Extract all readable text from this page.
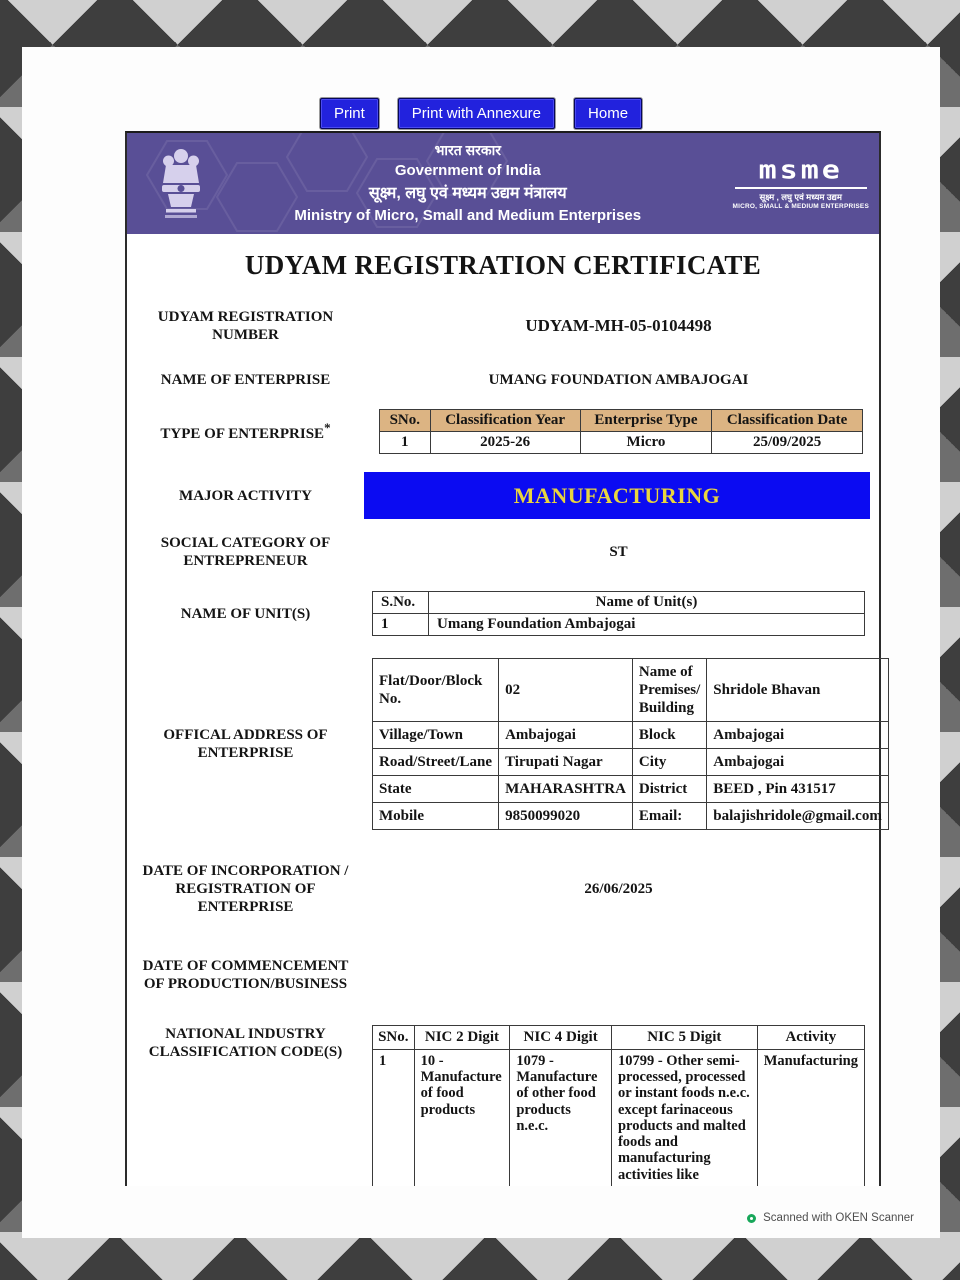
Print	Print with Annexure	Home
भारत सरकार
Government of India
सूक्ष्म, लघु एवं मध्यम उद्यम मंत्रालय
Ministry of Micro, Small and Medium Enterprises
msme
सूक्ष्म , लघु एवं मध्यम उद्यम
MICRO, SMALL & MEDIUM ENTERPRISES
UDYAM REGISTRATION CERTIFICATE
UDYAM REGISTRATION NUMBER	UDYAM-MH-05-0104498
NAME OF ENTERPRISE	UMANG FOUNDATION AMBAJOGAI
TYPE OF ENTERPRISE*	SNo.	Classification Year	Enterprise Type	Classification Date
1	2025-26	Micro	25/09/2025
MAJOR ACTIVITY	MANUFACTURING
SOCIAL CATEGORY OF ENTREPRENEUR
ST
NAME OF UNIT(S)
S.No.	Name of Unit(s)
1	Umang Foundation Ambajogai
OFFICAL ADDRESS OF ENTERPRISE
Flat/Door/Block No.	02	Name of Premises/ Building	Shridole Bhavan
Village/Town	Ambajogai	Block	Ambajogai
Road/Street/Lane	Tirupati Nagar	City	Ambajogai
State	MAHARASHTRA	District	BEED , Pin 431517
Mobile	9850099020	Email:	balajishridole@gmail.com
DATE OF INCORPORATION / REGISTRATION OF ENTERPRISE
26/06/2025
DATE OF COMMENCEMENT OF PRODUCTION/BUSINESS
NATIONAL INDUSTRY CLASSIFICATION CODE(S)
SNo.	NIC 2 Digit	NIC 4 Digit	NIC 5 Digit	Activity
1	10 - Manufacture of food products	1079 - Manufacture of other food products n.e.c.	10799 - Other semi-processed, processed or instant foods n.e.c. except farinaceous products and malted foods and manufacturing activities like	Manufacturing
Scanned with OKEN Scanner
